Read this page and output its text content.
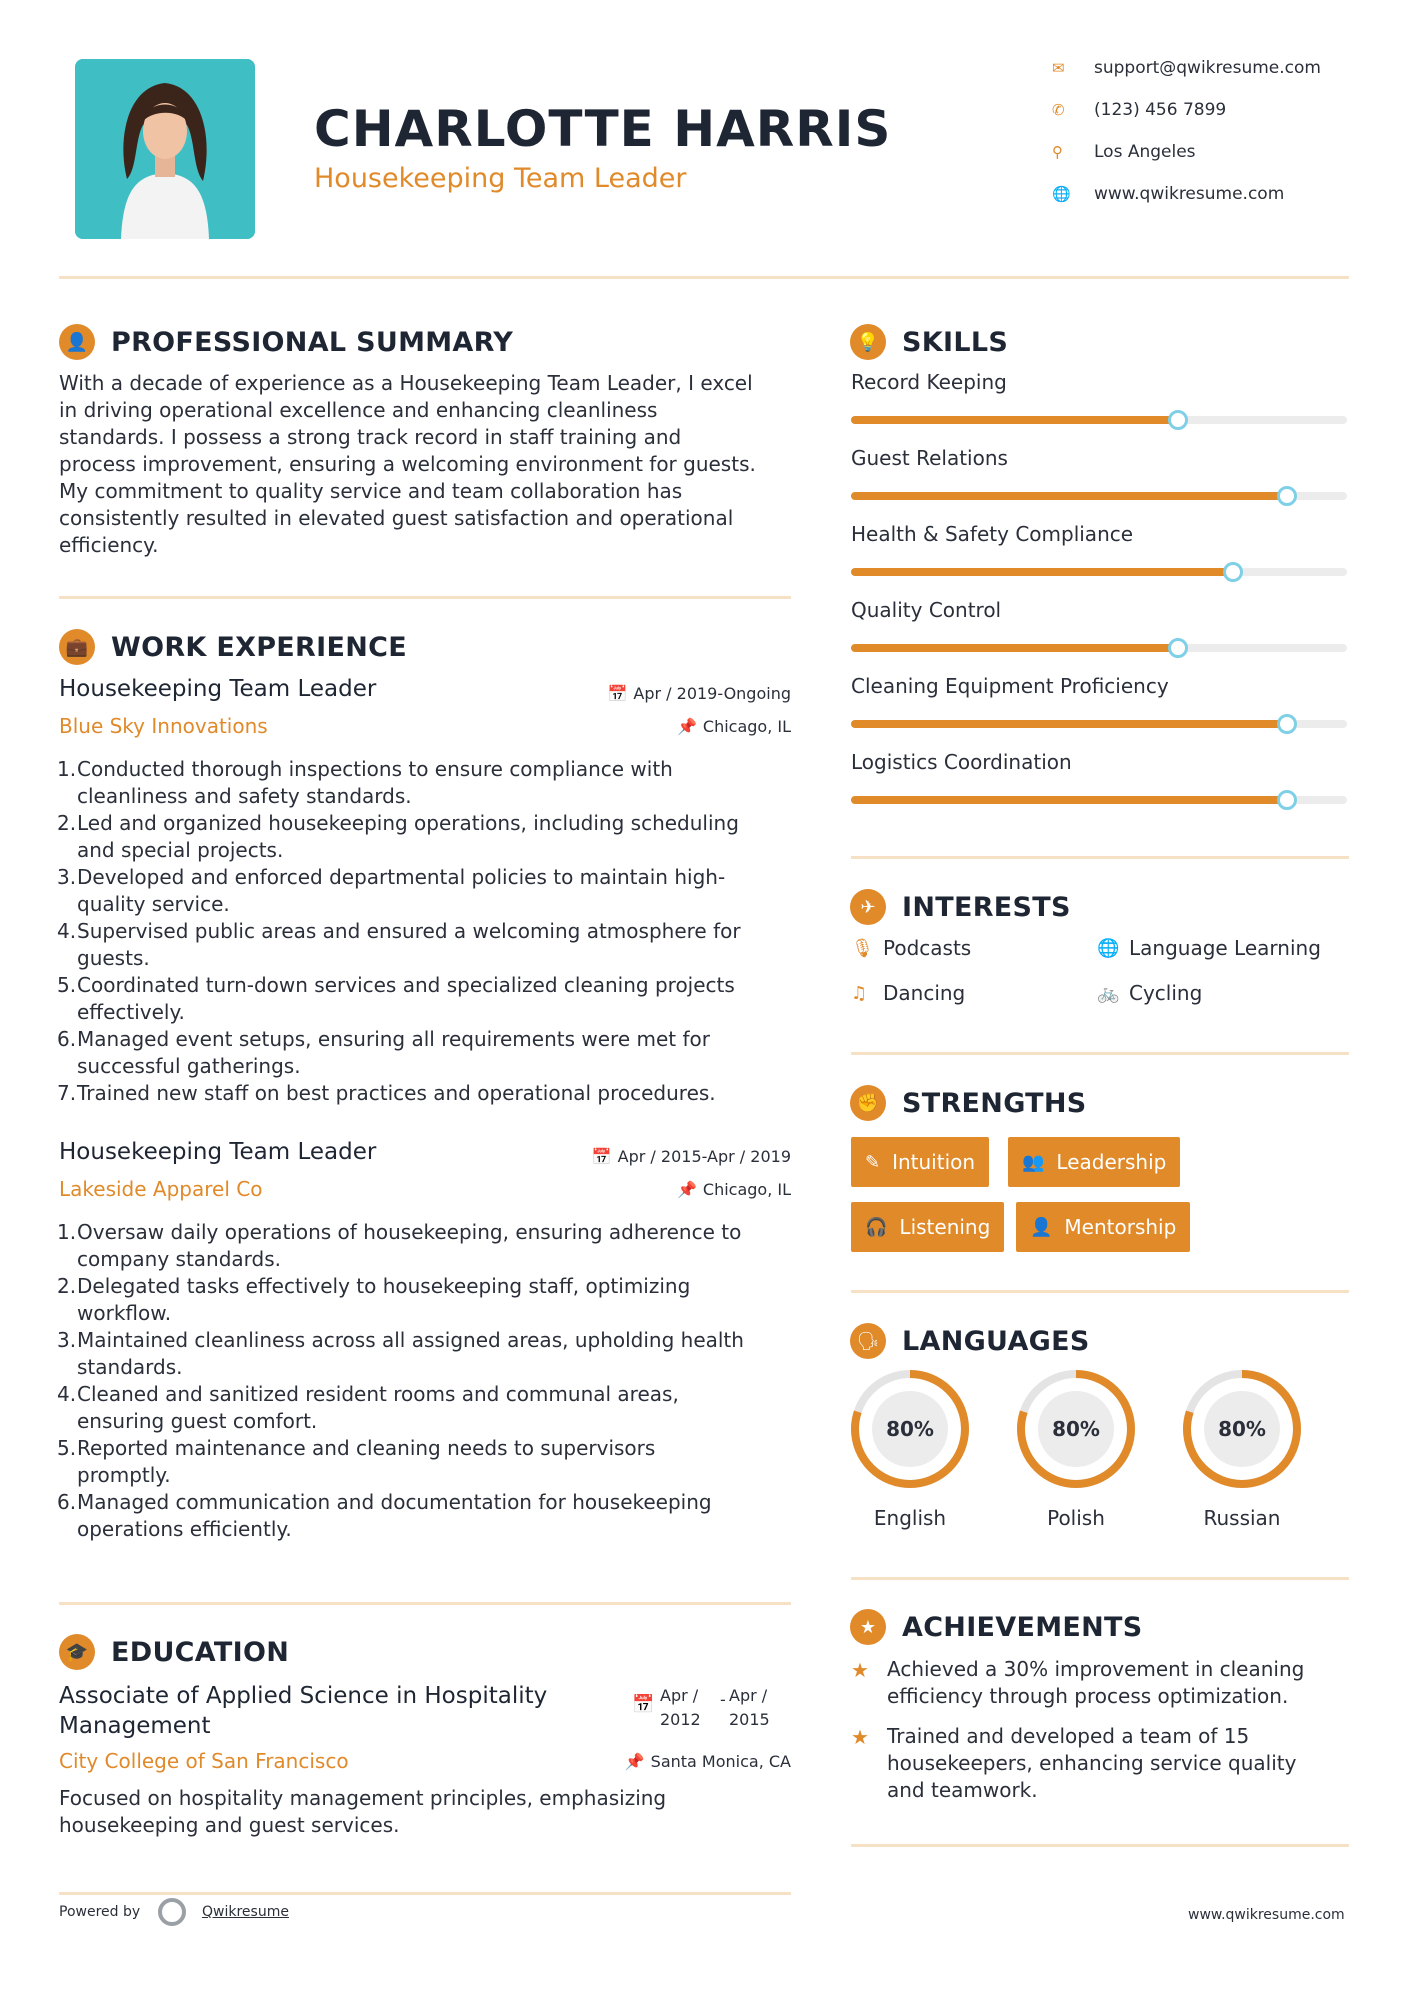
CHARLOTTE HARRIS
Housekeeping Team Leader
✉	support@qwikresume.com
✆	(123) 456 7899
⚲	Los Angeles
🌐	www.qwikresume.com
👤 PROFESSIONAL SUMMARY
With a decade of experience as a Housekeeping Team Leader, I excel
in driving operational excellence and enhancing cleanliness
standards. I possess a strong track record in staff training and
process improvement, ensuring a welcoming environment for guests.
My commitment to quality service and team collaboration has
consistently resulted in elevated guest satisfaction and operational
efficiency.
💼 WORK EXPERIENCE
Housekeeping Team Leader	📅 Apr / 2019-Ongoing
Blue Sky Innovations	📌 Chicago, IL
1. Conducted thorough inspections to ensure compliance with
cleanliness and safety standards.
2. Led and organized housekeeping operations, including scheduling
and special projects.
3. Developed and enforced departmental policies to maintain high-
quality service.
4. Supervised public areas and ensured a welcoming atmosphere for
guests.
5. Coordinated turn-down services and specialized cleaning projects
effectively.
6. Managed event setups, ensuring all requirements were met for
successful gatherings.
7. Trained new staff on best practices and operational procedures.
Housekeeping Team Leader	📅 Apr / 2015-Apr / 2019
Lakeside Apparel Co	📌 Chicago, IL
1. Oversaw daily operations of housekeeping, ensuring adherence to
company standards.
2. Delegated tasks effectively to housekeeping staff, optimizing
workflow.
3. Maintained cleanliness across all assigned areas, upholding health
standards.
4. Cleaned and sanitized resident rooms and communal areas,
ensuring guest comfort.
5. Reported maintenance and cleaning needs to supervisors
promptly.
6. Managed communication and documentation for housekeeping
operations efficiently.
🎓 EDUCATION
Associate of Applied Science in Hospitality
Management
📅 Apr /
2012
- Apr /
2015
City College of San Francisco	📌 Santa Monica, CA
Focused on hospitality management principles, emphasizing
housekeeping and guest services.
Powered by	Qwikresume	www.qwikresume.com
💡 SKILLS
Record Keeping
Guest Relations
Health & Safety Compliance
Quality Control
Cleaning Equipment Proficiency
Logistics Coordination
✈ INTERESTS
🎙 Podcasts	🌐 Language Learning
♫ Dancing	🚲 Cycling
✊ STRENGTHS
✎ Intuition	👥 Leadership
🎧 Listening 👤 Mentorship
🗣 LANGUAGES
80%
English
80%
Polish
80%
Russian
★ ACHIEVEMENTS
★ Achieved a 30% improvement in cleaning
efficiency through process optimization.
★ Trained and developed a team of 15
housekeepers, enhancing service quality
and teamwork.
